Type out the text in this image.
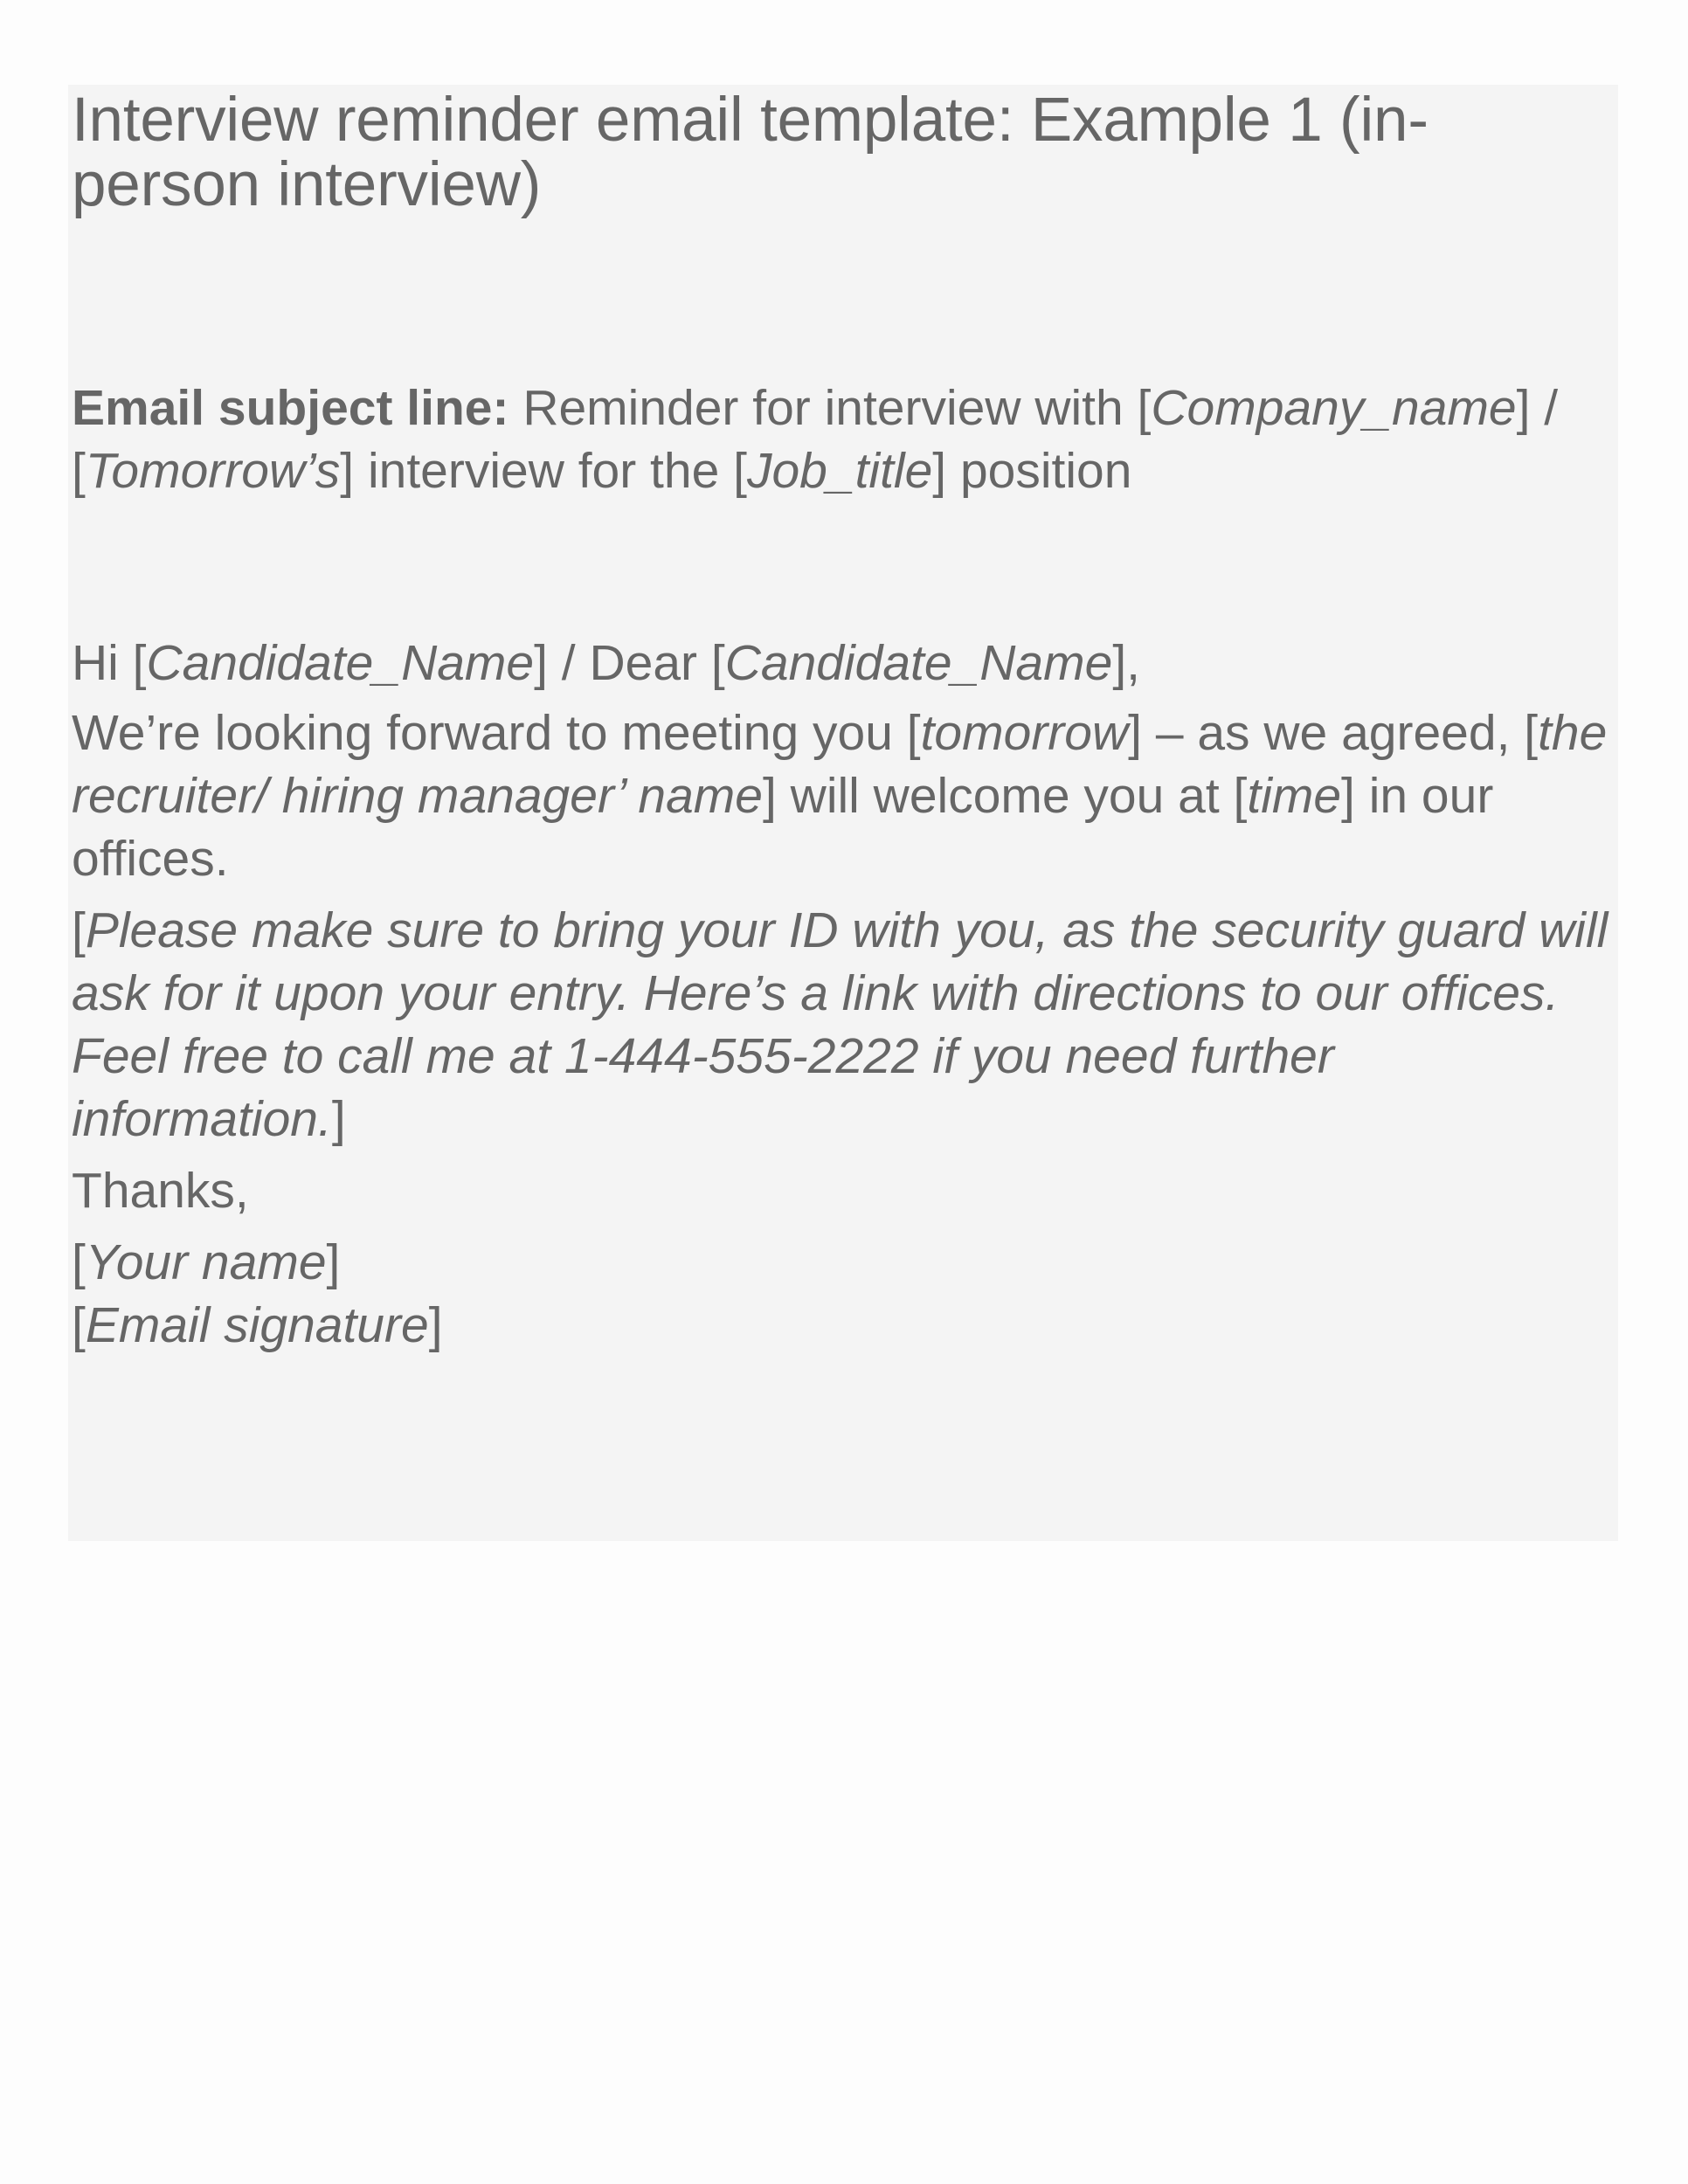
Interview reminder email template: Example 1 (in-person interview)

Email subject line: Reminder for interview with [Company_name] / [Tomorrow’s] interview for the [Job_title] position

Hi [Candidate_Name] / Dear [Candidate_Name],

We’re looking forward to meeting you [tomorrow] – as we agreed, [the recruiter/ hiring manager’ name] will welcome you at [time] in our offices.

[Please make sure to bring your ID with you, as the security guard will ask for it upon your entry. Here’s a link with directions to our offices. Feel free to call me at 1-444-555-2222 if you need further information.]

Thanks,

[Your name]
[Email signature]
